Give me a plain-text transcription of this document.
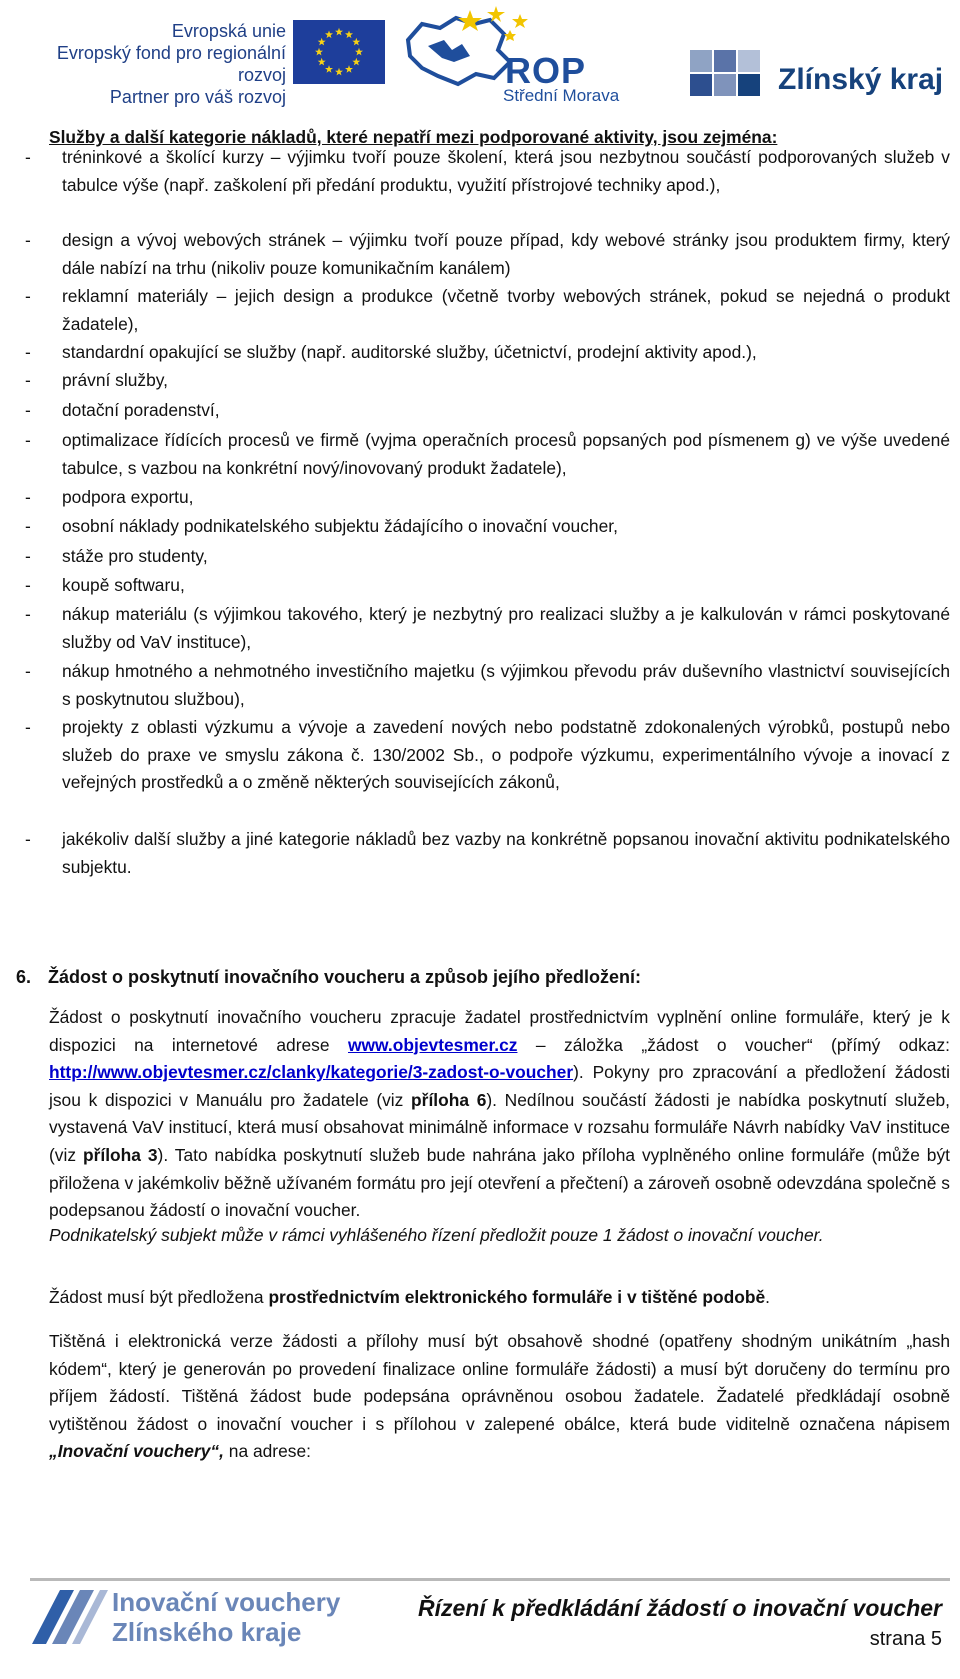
Evropská unie
Evropský fond pro regionální rozvoj
Partner pro váš rozvoj
ROP
Střední Morava	Zlínský kraj
Služby a další kategorie nákladů, které nepatří mezi podporované aktivity, jsou zejména:
- tréninkové a školící kurzy – výjimku tvoří pouze školení, která jsou nezbytnou součástí podporovaných služeb v tabulce výše (např. zaškolení při předání produktu, využití přístrojové techniky apod.),
- design a vývoj webových stránek – výjimku tvoří pouze případ, kdy webové stránky jsou produktem firmy, který dále nabízí na trhu (nikoliv pouze komunikačním kanálem)
- reklamní materiály – jejich design a produkce (včetně tvorby webových stránek, pokud se nejedná o produkt žadatele),
- standardní opakující se služby (např. auditorské služby, účetnictví, prodejní aktivity apod.),
- právní služby,
- dotační poradenství,
- optimalizace řídících procesů ve firmě (vyjma operačních procesů popsaných pod písmenem g) ve výše uvedené tabulce, s vazbou na konkrétní nový/inovovaný produkt žadatele),
- podpora exportu,
- osobní náklady podnikatelského subjektu žádajícího o inovační voucher,
- stáže pro studenty,
- koupě softwaru,
- nákup materiálu (s výjimkou takového, který je nezbytný pro realizaci služby a je kalkulován v rámci poskytované služby od VaV instituce),
- nákup hmotného a nehmotného investičního majetku (s výjimkou převodu práv duševního vlastnictví souvisejících s poskytnutou službou),
- projekty z oblasti výzkumu a vývoje a zavedení nových nebo podstatně zdokonalených výrobků, postupů nebo služeb do praxe ve smyslu zákona č. 130/2002 Sb., o podpoře výzkumu, experimentálního vývoje a inovací z veřejných prostředků a o změně některých souvisejících zákonů,
- jakékoliv další služby a jiné kategorie nákladů bez vazby na konkrétně popsanou inovační aktivitu podnikatelského subjektu.
6. Žádost o poskytnutí inovačního voucheru a způsob jejího předložení:
Žádost o poskytnutí inovačního voucheru zpracuje žadatel prostřednictvím vyplnění online formuláře, který je k dispozici na internetové adrese www.objevtesmer.cz – záložka „žádost o voucher“ (přímý odkaz: http://www.objevtesmer.cz/clanky/kategorie/3-zadost-o-voucher). Pokyny pro zpracování a předložení žádosti jsou k dispozici v Manuálu pro žadatele (viz příloha 6). Nedílnou součástí žádosti je nabídka poskytnutí služeb, vystavená VaV institucí, která musí obsahovat minimálně informace v rozsahu formuláře Návrh nabídky VaV instituce (viz příloha 3). Tato nabídka poskytnutí služeb bude nahrána jako příloha vyplněného online formuláře (může být přiložena v jakémkoliv běžně užívaném formátu pro její otevření a přečtení) a zároveň osobně odevzdána společně s podepsanou žádostí o inovační voucher.
Podnikatelský subjekt může v rámci vyhlášeného řízení předložit pouze 1 žádost o inovační voucher.
Žádost musí být předložena prostřednictvím elektronického formuláře i v tištěné podobě.
Tištěná i elektronická verze žádosti a přílohy musí být obsahově shodné (opatřeny shodným unikátním „hash kódem“, který je generován po provedení finalizace online formuláře žádosti) a musí být doručeny do termínu pro příjem žádostí. Tištěná žádost bude podepsána oprávněnou osobou žadatele. Žadatelé předkládají osobně vytištěnou žádost o inovační voucher i s přílohou v zalepené obálce, která bude viditelně označena nápisem „Inovační vouchery“, na adrese:
Inovační vouchery
Zlínského kraje
Řízení k předkládání žádostí o inovační voucher
strana 5
